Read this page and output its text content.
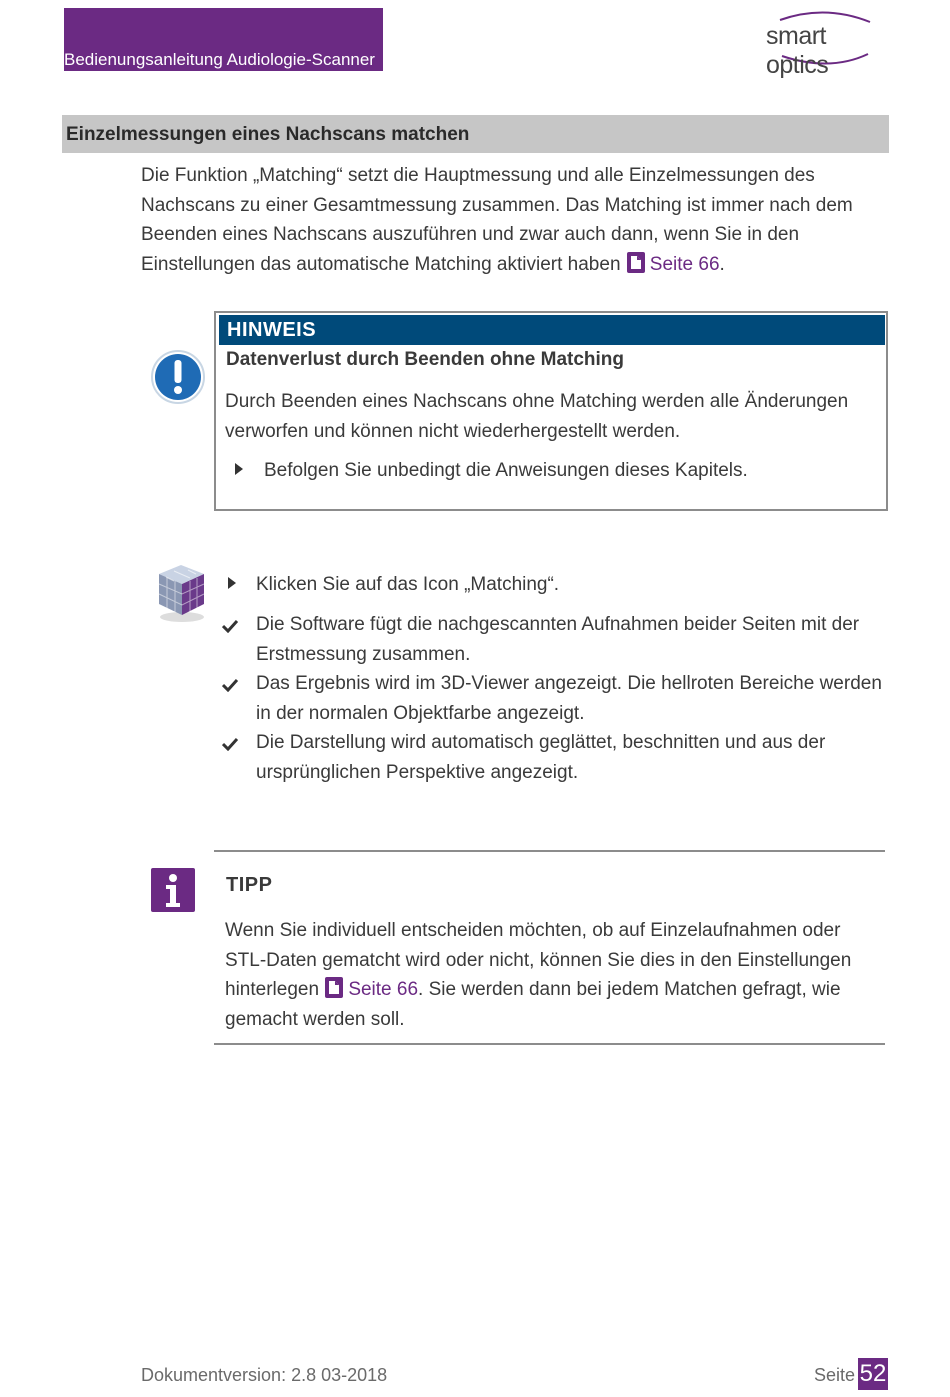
Bedienungsanleitung Audiologie-Scanner
smart optics
Einzelmessungen eines Nachscans matchen
Die Funktion „Matching“ setzt die Hauptmessung und alle Einzelmessungen des
Nachscans zu einer Gesamtmessung zusammen. Das Matching ist immer nach dem
Beenden eines Nachscans auszuführen und zwar auch dann, wenn Sie in den
Einstellungen das automatische Matching aktiviert haben Seite 66.
HINWEIS
Datenverlust durch Beenden ohne Matching
Durch Beenden eines Nachscans ohne Matching werden alle Änderungen
verworfen und können nicht wiederhergestellt werden.
Befolgen Sie unbedingt die Anweisungen dieses Kapitels.
Klicken Sie auf das Icon „Matching“.
Die Software fügt die nachgescannten Aufnahmen beider Seiten mit der
Erstmessung zusammen.
Das Ergebnis wird im 3D-Viewer angezeigt. Die hellroten Bereiche werden
in der normalen Objektfarbe angezeigt.
Die Darstellung wird automatisch geglättet, beschnitten und aus der
ursprünglichen Perspektive angezeigt.
TIPP
Wenn Sie individuell entscheiden möchten, ob auf Einzelaufnahmen oder
STL-Daten gematcht wird oder nicht, können Sie dies in den Einstellungen
hinterlegen Seite 66. Sie werden dann bei jedem Matchen gefragt, wie
gemacht werden soll.
Dokumentversion: 2.8 03-2018	Seite 52
